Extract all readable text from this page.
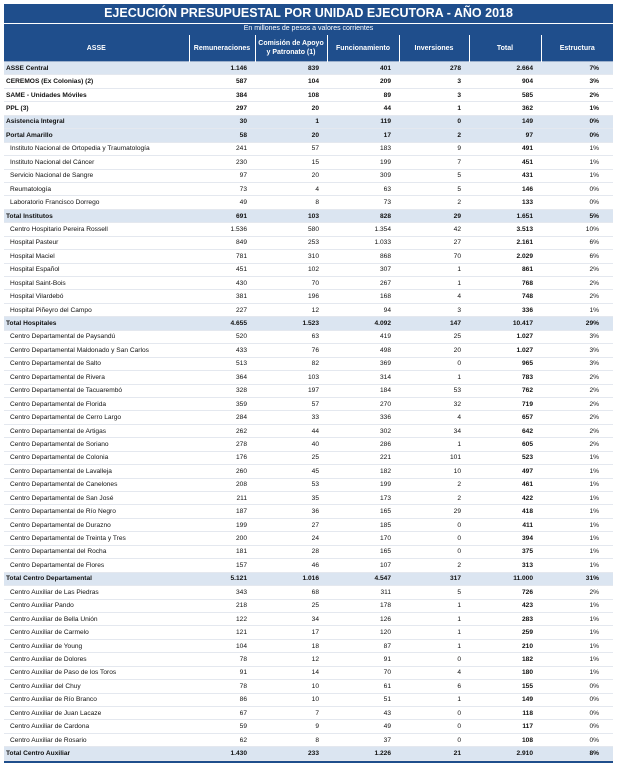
EJECUCIÓN PRESUPUESTAL POR UNIDAD EJECUTORA - AÑO 2018
En millones de pesos a valores corrientes
ASSE	Remuneraciones	Comisión de Apoyo y Patronato (1)	Funcionamiento	Inversiones	Total	Estructura
ASSE Central	1.146	839	401	278	2.664	7%
CEREMOS (Ex Colonias) (2)	587	104	209	3	904	3%
SAME - Unidades Móviles	384	108	89	3	585	2%
PPL (3)	297	20	44	1	362	1%
Asistencia Integral	30	1	119	0	149	0%
Portal Amarillo	58	20	17	2	97	0%
Instituto Nacional de Ortopedia y Traumatología	241	57	183	9	491	1%
Instituto Nacional del Cáncer	230	15	199	7	451	1%
Servicio Nacional de Sangre	97	20	309	5	431	1%
Reumatología	73	4	63	5	146	0%
Laboratorio Francisco Dorrego	49	8	73	2	133	0%
Total Institutos	691	103	828	29	1.651	5%
Centro Hospitario Pereira Rossell	1.536	580	1.354	42	3.513	10%
Hospital Pasteur	849	253	1.033	27	2.161	6%
Hospital Maciel	781	310	868	70	2.029	6%
Hospital Español	451	102	307	1	861	2%
Hospital Saint-Bois	430	70	267	1	768	2%
Hospital Vilardebó	381	196	168	4	748	2%
Hospital Piñeyro del Campo	227	12	94	3	336	1%
Total Hospitales	4.655	1.523	4.092	147	10.417	29%
Centro Departamental de Paysandú	520	63	419	25	1.027	3%
Centro Departamental Maldonado y San Carlos	433	76	498	20	1.027	3%
Centro Departamental de Salto	513	82	369	0	965	3%
Centro Departamental de Rivera	364	103	314	1	783	2%
Centro Departamental de Tacuarembó	328	197	184	53	762	2%
Centro Departamental de Florida	359	57	270	32	719	2%
Centro Departamental de Cerro Largo	284	33	336	4	657	2%
Centro Departamental de Artigas	262	44	302	34	642	2%
Centro Departamental de Soriano	278	40	286	1	605	2%
Centro Departamental de Colonia	176	25	221	101	523	1%
Centro Departamental de Lavalleja	260	45	182	10	497	1%
Centro Departamental de Canelones	208	53	199	2	461	1%
Centro Departamental de San José	211	35	173	2	422	1%
Centro Departamental de Río Negro	187	36	165	29	418	1%
Centro Departamental de Durazno	199	27	185	0	411	1%
Centro Departamental de Treinta y Tres	200	24	170	0	394	1%
Centro Departamental del Rocha	181	28	165	0	375	1%
Centro Departamental de Flores	157	46	107	2	313	1%
Total Centro Departamental	5.121	1.016	4.547	317	11.000	31%
Centro Auxiliar de Las Piedras	343	68	311	5	726	2%
Centro Auxiliar Pando	218	25	178	1	423	1%
Centro Auxiliar de Bella Unión	122	34	126	1	283	1%
Centro Auxiliar de Carmelo	121	17	120	1	259	1%
Centro Auxiliar de Young	104	18	87	1	210	1%
Centro Auxiliar de Dolores	78	12	91	0	182	1%
Centro Auxiliar de Paso de los Toros	91	14	70	4	180	1%
Centro Auxiliar del Chuy	78	10	61	6	155	0%
Centro Auxiliar de Río Branco	86	10	51	1	149	0%
Centro Auxiliar de Juan Lacaze	67	7	43	0	118	0%
Centro Auxiliar de Cardona	59	9	49	0	117	0%
Centro Auxiliar de Rosario	62	8	37	0	108	0%
Total Centro Auxiliar	1.430	233	1.226	21	2.910	8%
